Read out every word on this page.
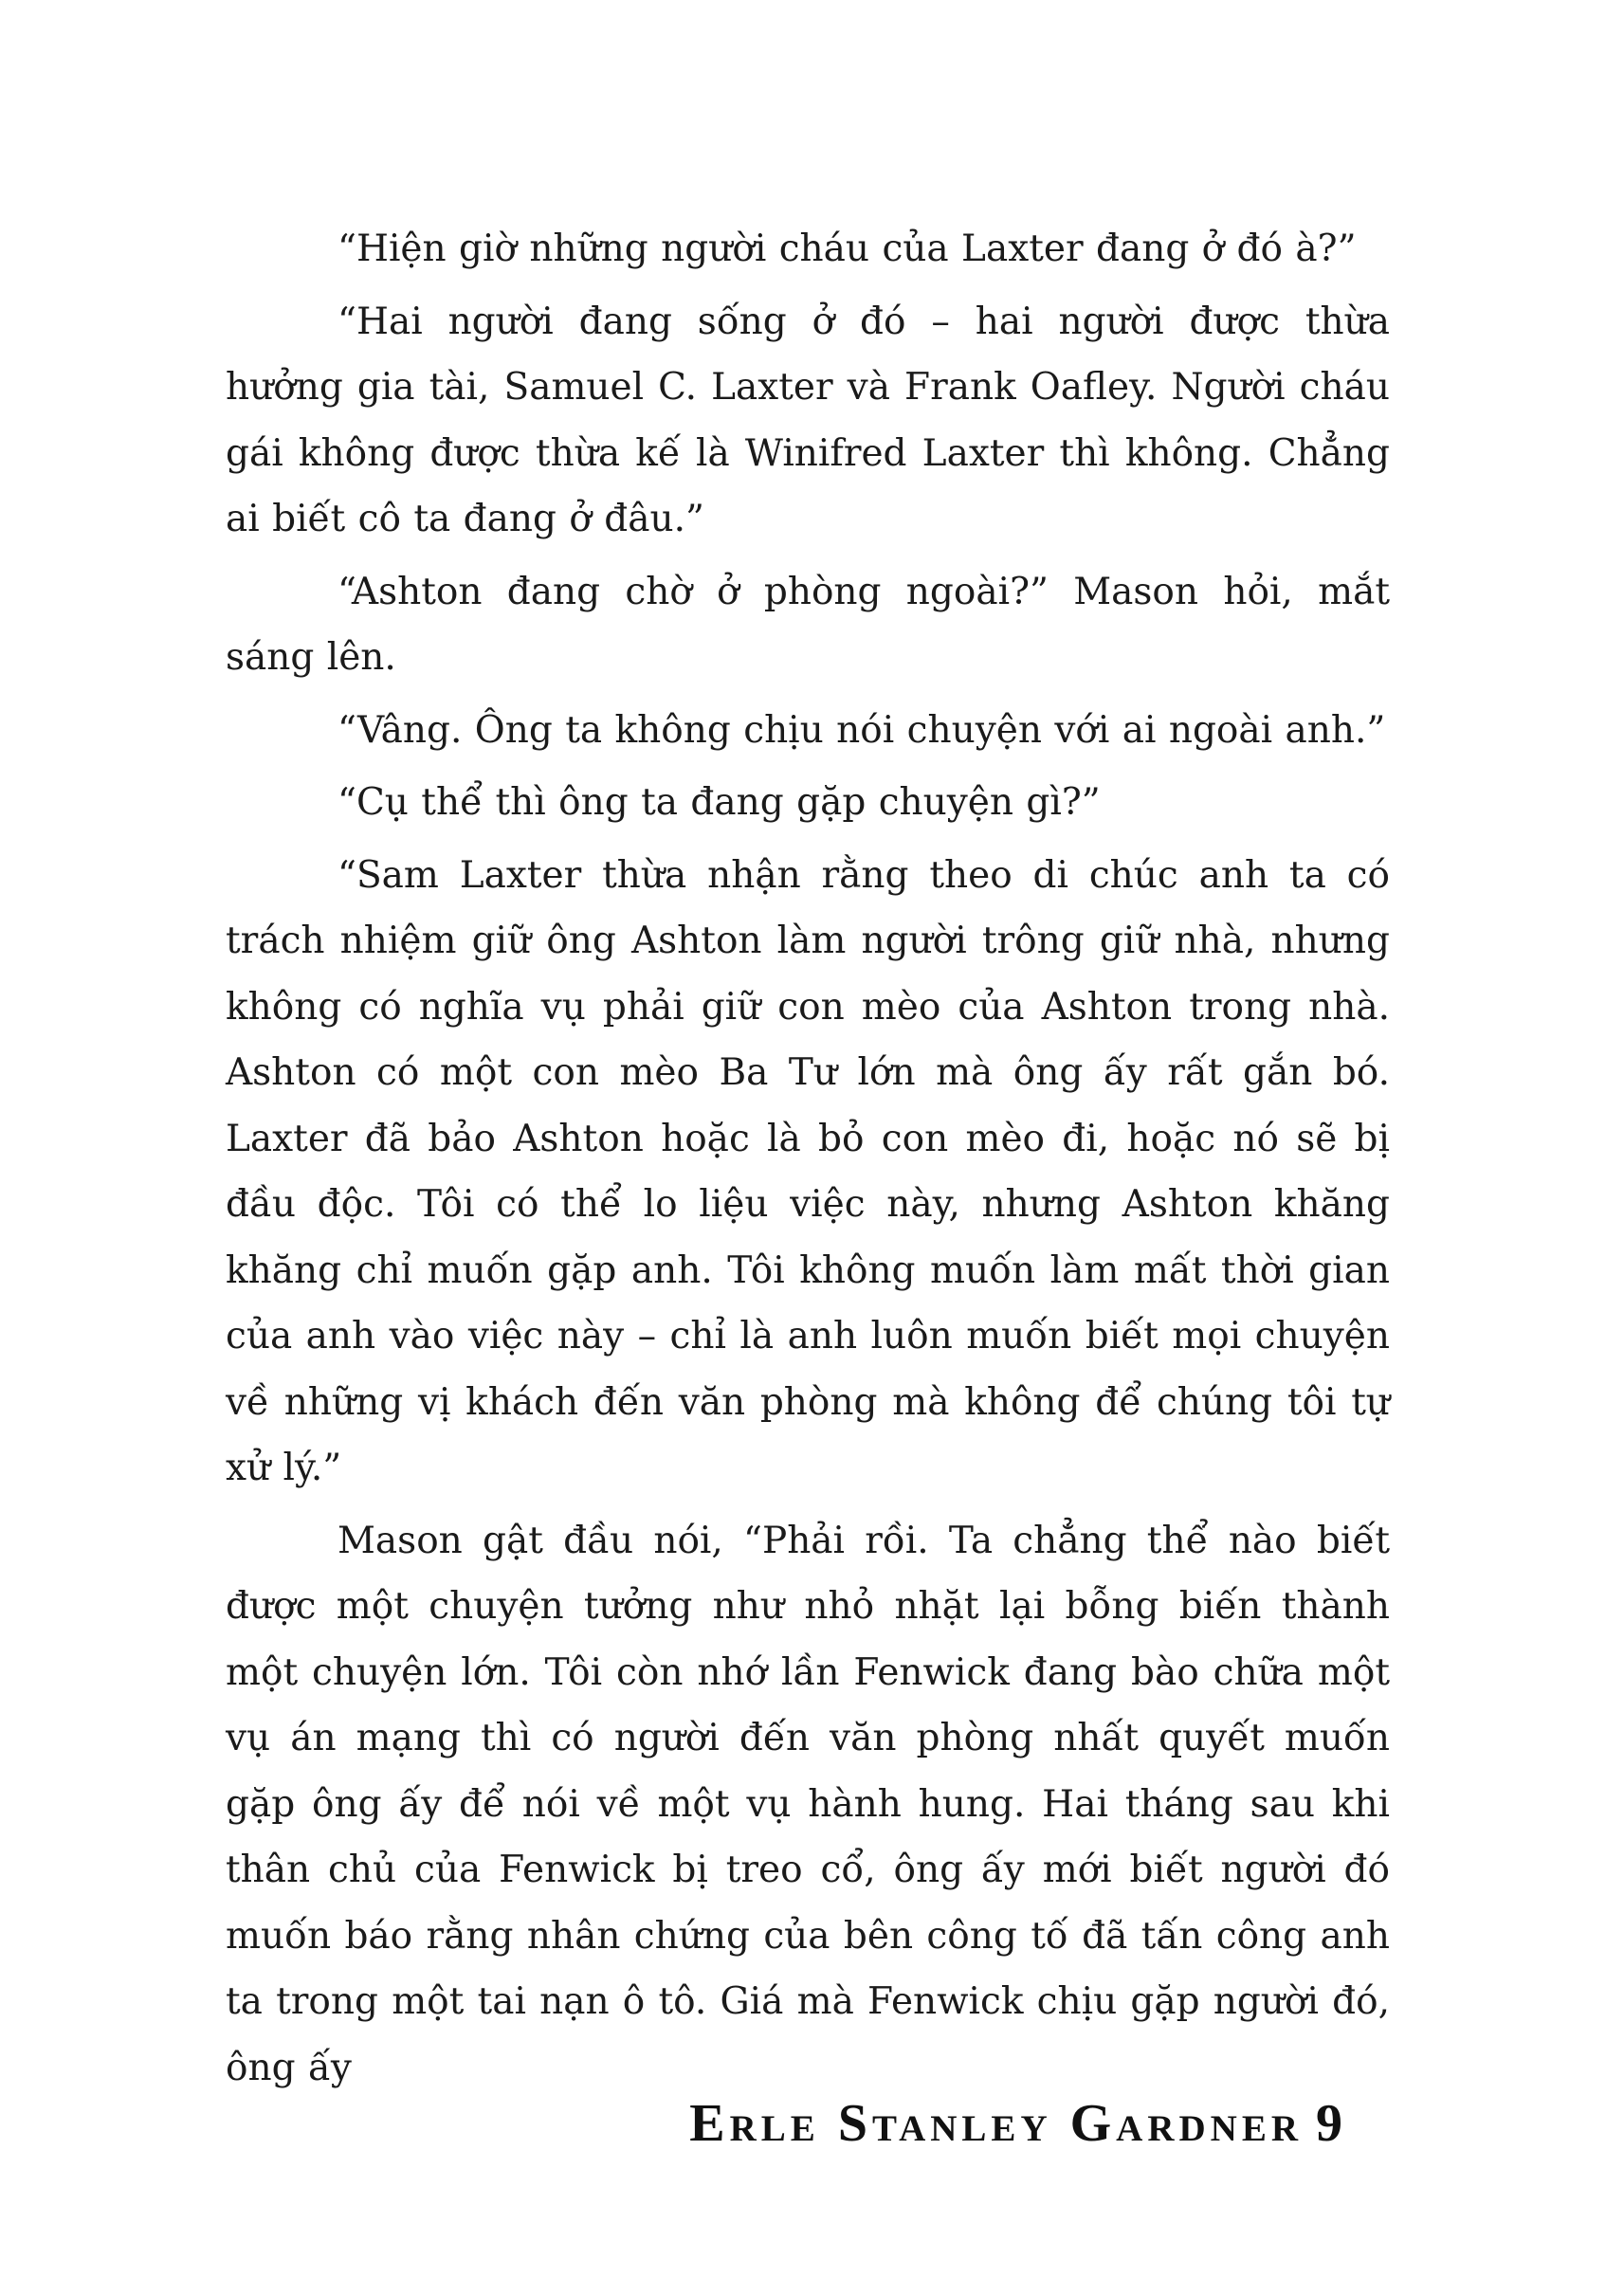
“Hiện giờ những người cháu của Laxter đang ở đó à?”

“Hai người đang sống ở đó – hai người được thừa hưởng gia tài, Samuel C. Laxter và Frank Oafley. Người cháu gái không được thừa kế là Winifred Laxter thì không. Chẳng ai biết cô ta đang ở đâu.”

“Ashton đang chờ ở phòng ngoài?” Mason hỏi, mắt sáng lên.

“Vâng. Ông ta không chịu nói chuyện với ai ngoài anh.”

“Cụ thể thì ông ta đang gặp chuyện gì?”

“Sam Laxter thừa nhận rằng theo di chúc anh ta có trách nhiệm giữ ông Ashton làm người trông giữ nhà, nhưng không có nghĩa vụ phải giữ con mèo của Ashton trong nhà. Ashton có một con mèo Ba Tư lớn mà ông ấy rất gắn bó. Laxter đã bảo Ashton hoặc là bỏ con mèo đi, hoặc nó sẽ bị đầu độc. Tôi có thể lo liệu việc này, nhưng Ashton khăng khăng chỉ muốn gặp anh. Tôi không muốn làm mất thời gian của anh vào việc này – chỉ là anh luôn muốn biết mọi chuyện về những vị khách đến văn phòng mà không để chúng tôi tự xử lý.”

Mason gật đầu nói, “Phải rồi. Ta chẳng thể nào biết được một chuyện tưởng như nhỏ nhặt lại bỗng biến thành một chuyện lớn. Tôi còn nhớ lần Fenwick đang bào chữa một vụ án mạng thì có người đến văn phòng nhất quyết muốn gặp ông ấy để nói về một vụ hành hung. Hai tháng sau khi thân chủ của Fenwick bị treo cổ, ông ấy mới biết người đó muốn báo rằng nhân chứng của bên công tố đã tấn công anh ta trong một tai nạn ô tô. Giá mà Fenwick chịu gặp người đó, ông ấy

Erle Stanley Gardner 9
